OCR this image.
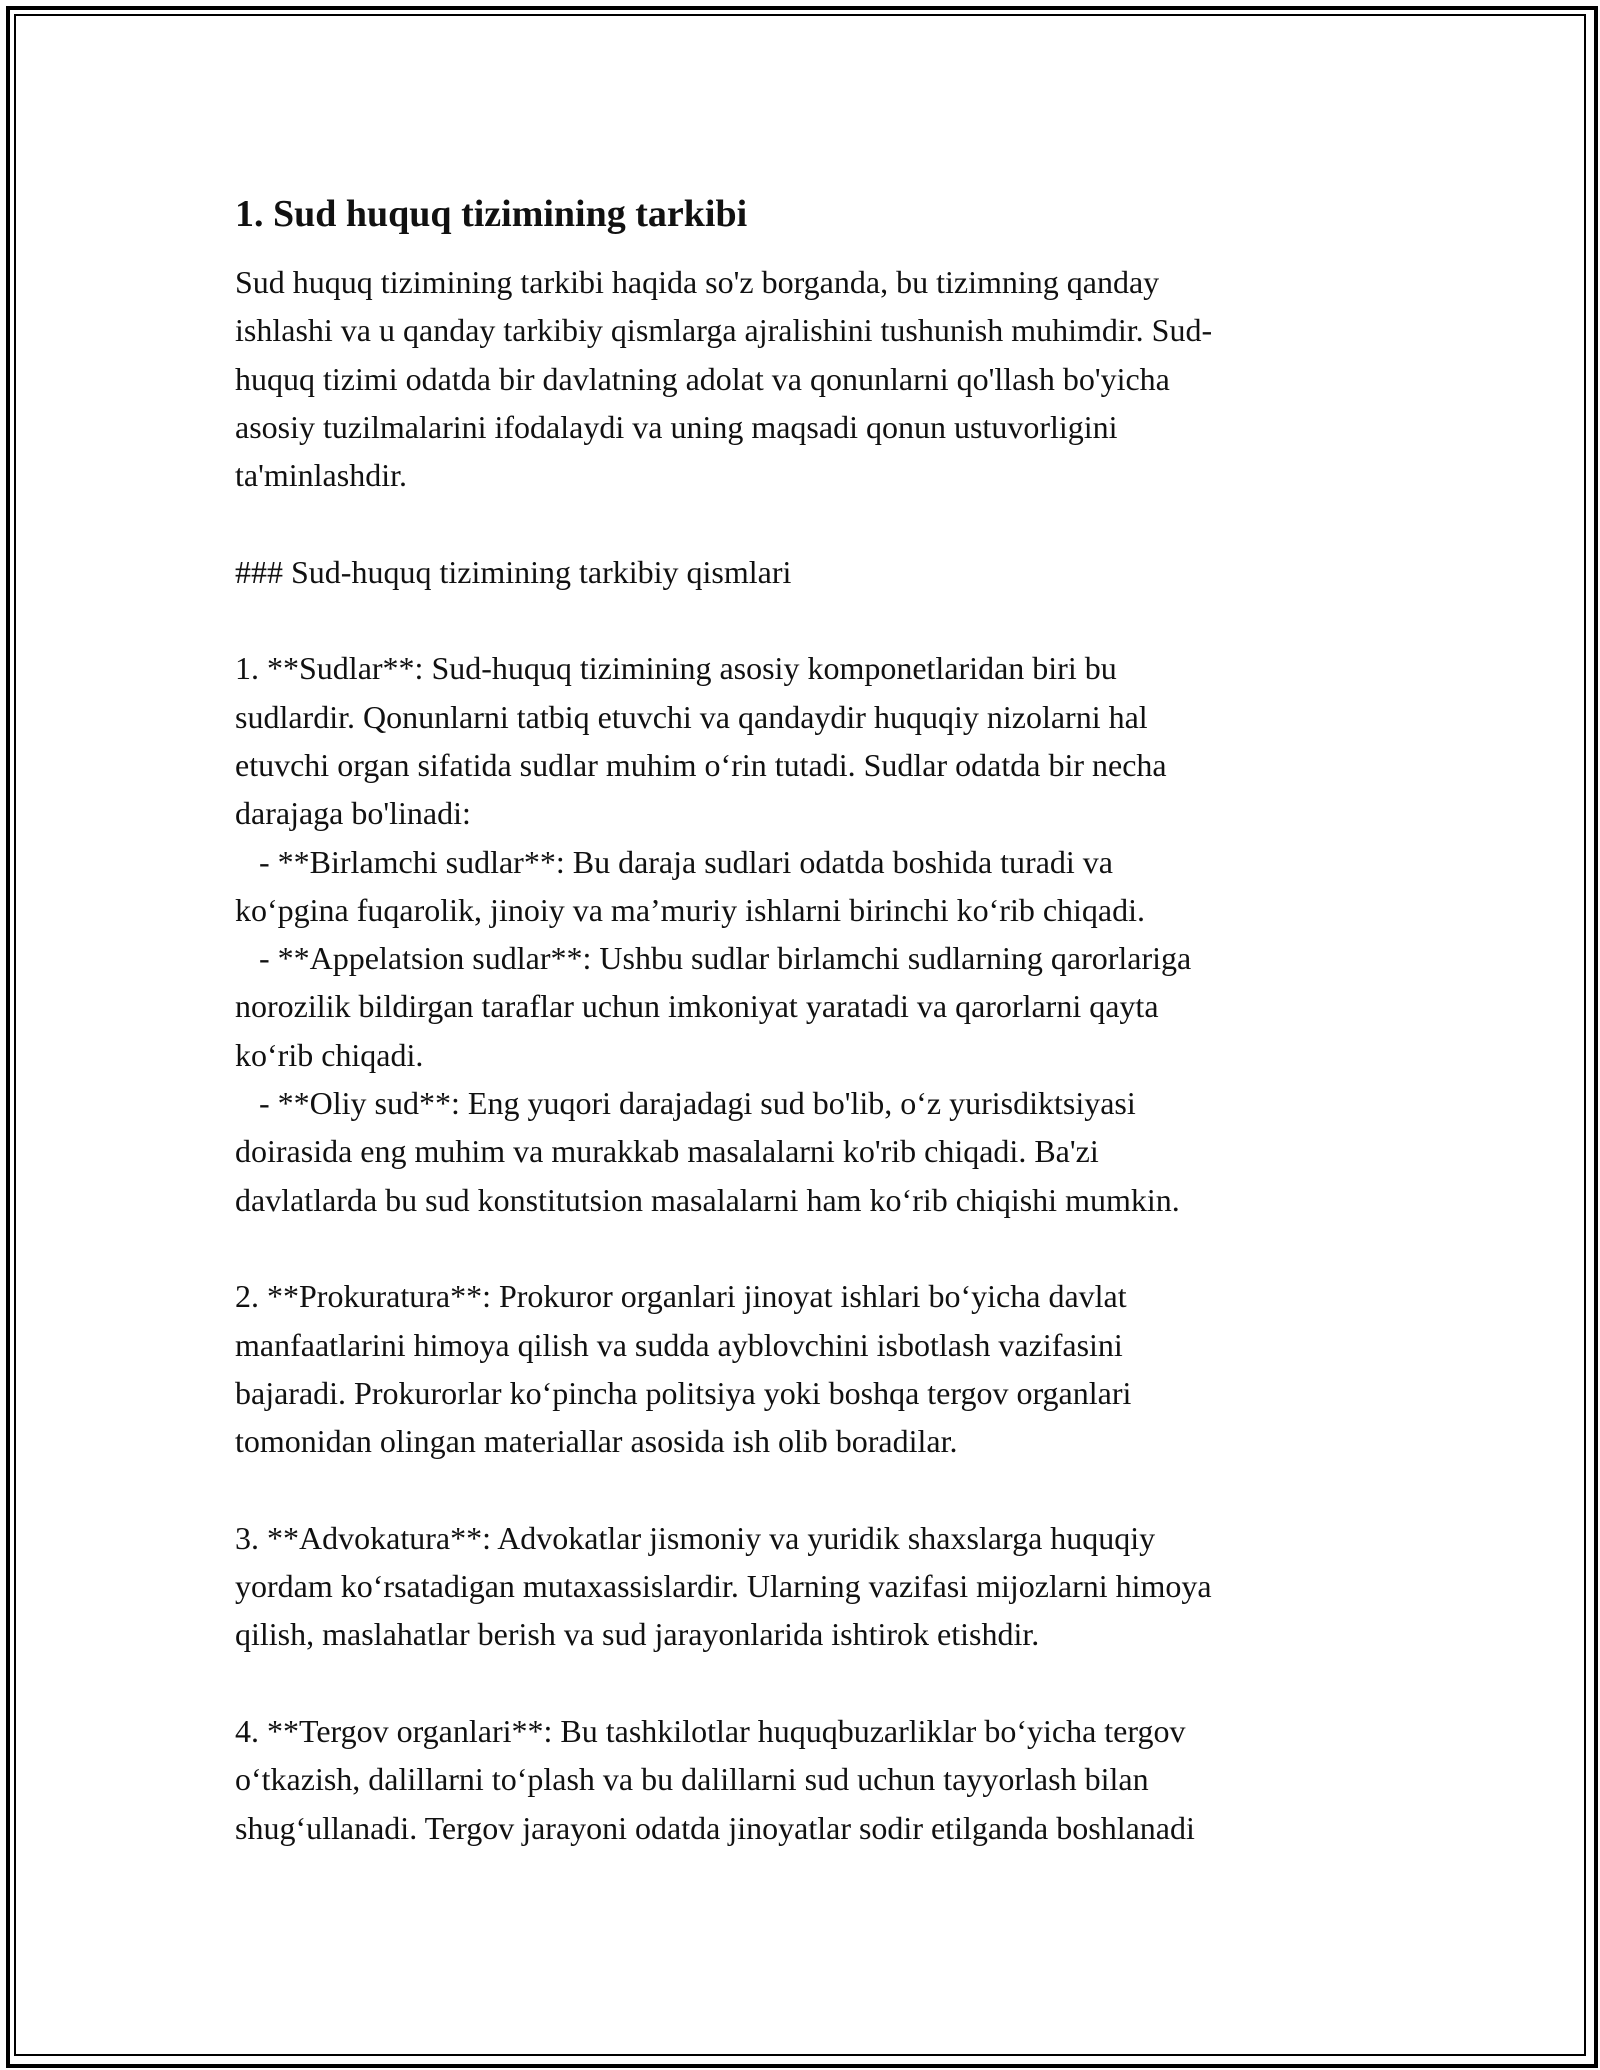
1. Sud huquq tizimining tarkibi
Sud huquq tizimining tarkibi haqida so'z borganda, bu tizimning qanday
ishlashi va u qanday tarkibiy qismlarga ajralishini tushunish muhimdir. Sud-
huquq tizimi odatda bir davlatning adolat va qonunlarni qo'llash bo'yicha
asosiy tuzilmalarini ifodalaydi va uning maqsadi qonun ustuvorligini
ta'minlashdir.
### Sud-huquq tizimining tarkibiy qismlari
1. **Sudlar**: Sud-huquq tizimining asosiy komponetlaridan biri bu
sudlardir. Qonunlarni tatbiq etuvchi va qandaydir huquqiy nizolarni hal
etuvchi organ sifatida sudlar muhim o‘rin tutadi. Sudlar odatda bir necha
darajaga bo'linadi:
- **Birlamchi sudlar**: Bu daraja sudlari odatda boshida turadi va
ko‘pgina fuqarolik, jinoiy va ma’muriy ishlarni birinchi ko‘rib chiqadi.
- **Appelatsion sudlar**: Ushbu sudlar birlamchi sudlarning qarorlariga
norozilik bildirgan taraflar uchun imkoniyat yaratadi va qarorlarni qayta
ko‘rib chiqadi.
- **Oliy sud**: Eng yuqori darajadagi sud bo'lib, o‘z yurisdiktsiyasi
doirasida eng muhim va murakkab masalalarni ko'rib chiqadi. Ba'zi
davlatlarda bu sud konstitutsion masalalarni ham ko‘rib chiqishi mumkin.
2. **Prokuratura**: Prokuror organlari jinoyat ishlari bo‘yicha davlat
manfaatlarini himoya qilish va sudda ayblovchini isbotlash vazifasini
bajaradi. Prokurorlar ko‘pincha politsiya yoki boshqa tergov organlari
tomonidan olingan materiallar asosida ish olib boradilar.
3. **Advokatura**: Advokatlar jismoniy va yuridik shaxslarga huquqiy
yordam ko‘rsatadigan mutaxassislardir. Ularning vazifasi mijozlarni himoya
qilish, maslahatlar berish va sud jarayonlarida ishtirok etishdir.
4. **Tergov organlari**: Bu tashkilotlar huquqbuzarliklar bo‘yicha tergov
o‘tkazish, dalillarni to‘plash va bu dalillarni sud uchun tayyorlash bilan
shug‘ullanadi. Tergov jarayoni odatda jinoyatlar sodir etilganda boshlanadi
